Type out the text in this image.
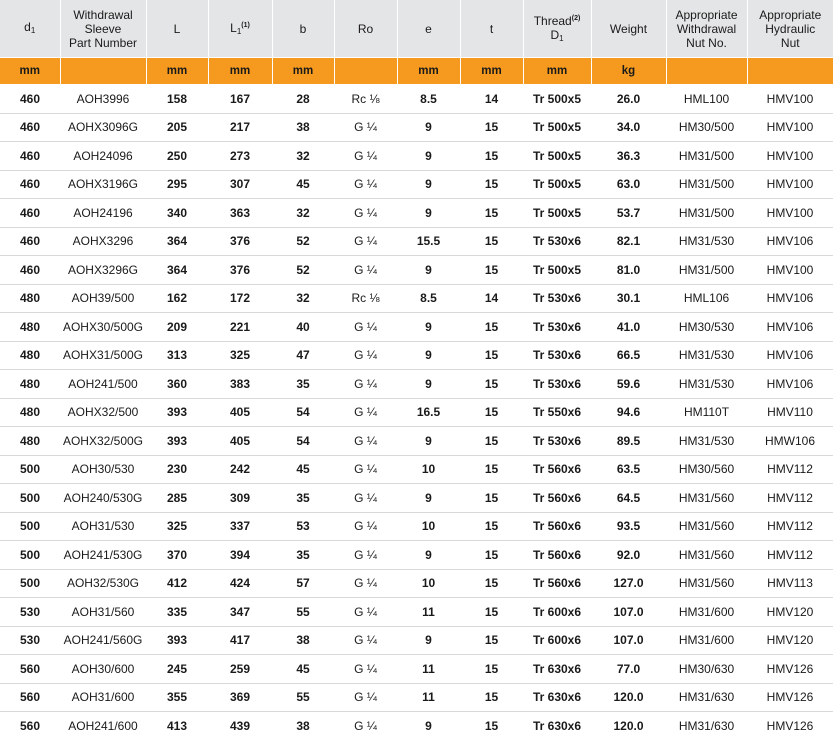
$d_1$	Withdrawal
Sleeve
Part Number	L	$L_1^{(1)}$	b	Ro	e	t	Thread$^{(2)}$
$D_1$	Weight	Appropriate
Withdrawal
Nut No.	Appropriate
Hydraulic
Nut
mm		mm	mm	mm		mm	mm	mm	kg		
460	AOH3996	158	167	28	Rc ⅛	8.5	14	Tr 500x5	26.0	HML100	HMV100
460	AOHX3096G	205	217	38	G ¼	9	15	Tr 500x5	34.0	HM30/500	HMV100
460	AOH24096	250	273	32	G ¼	9	15	Tr 500x5	36.3	HM31/500	HMV100
460	AOHX3196G	295	307	45	G ¼	9	15	Tr 500x5	63.0	HM31/500	HMV100
460	AOH24196	340	363	32	G ¼	9	15	Tr 500x5	53.7	HM31/500	HMV100
460	AOHX3296	364	376	52	G ¼	15.5	15	Tr 530x6	82.1	HM31/530	HMV106
460	AOHX3296G	364	376	52	G ¼	9	15	Tr 500x5	81.0	HM31/500	HMV100
480	AOH39/500	162	172	32	Rc ⅛	8.5	14	Tr 530x6	30.1	HML106	HMV106
480	AOHX30/500G	209	221	40	G ¼	9	15	Tr 530x6	41.0	HM30/530	HMV106
480	AOHX31/500G	313	325	47	G ¼	9	15	Tr 530x6	66.5	HM31/530	HMV106
480	AOH241/500	360	383	35	G ¼	9	15	Tr 530x6	59.6	HM31/530	HMV106
480	AOHX32/500	393	405	54	G ¼	16.5	15	Tr 550x6	94.6	HM110T	HMV110
480	AOHX32/500G	393	405	54	G ¼	9	15	Tr 530x6	89.5	HM31/530	HMW106
500	AOH30/530	230	242	45	G ¼	10	15	Tr 560x6	63.5	HM30/560	HMV112
500	AOH240/530G	285	309	35	G ¼	9	15	Tr 560x6	64.5	HM31/560	HMV112
500	AOH31/530	325	337	53	G ¼	10	15	Tr 560x6	93.5	HM31/560	HMV112
500	AOH241/530G	370	394	35	G ¼	9	15	Tr 560x6	92.0	HM31/560	HMV112
500	AOH32/530G	412	424	57	G ¼	10	15	Tr 560x6	127.0	HM31/560	HMV113
530	AOH31/560	335	347	55	G ¼	11	15	Tr 600x6	107.0	HM31/600	HMV120
530	AOH241/560G	393	417	38	G ¼	9	15	Tr 600x6	107.0	HM31/600	HMV120
560	AOH30/600	245	259	45	G ¼	11	15	Tr 630x6	77.0	HM30/630	HMV126
560	AOH31/600	355	369	55	G ¼	11	15	Tr 630x6	120.0	HM31/630	HMV126
560	AOH241/600	413	439	38	G ¼	9	15	Tr 630x6	120.0	HM31/630	HMV126
